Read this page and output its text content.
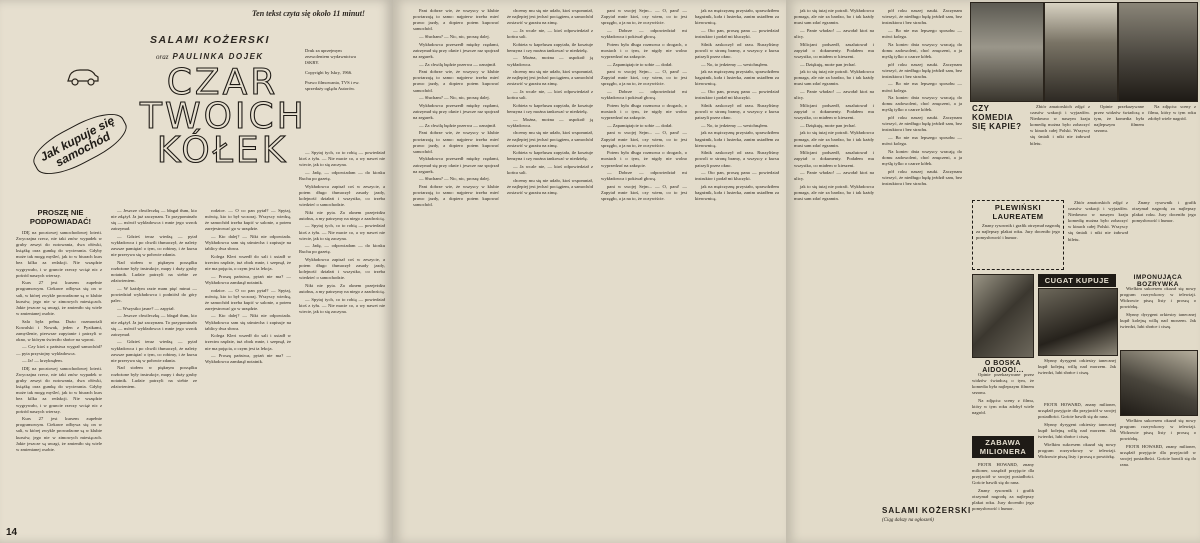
Ten tekst czyta się około 11 minut!
SALAMI KOŻERSKI
oraz PAULINKA DOJEK
CZAR
TWOICH
KÓŁEK
Jak kupuje się samochód
Druk za uprzejmym zezwoleniem wydawnictwa ISKRY.
Copyright by Iskry, 1966.
Prawo filmowania, TVS i ew. sprzedaży oglądu Autorów.
PROSZĘ NIE PODPOWIADAĆ!

IDĘ na pocztowej samochodowej loterii. Zwyczajna rzecz, nie taki znów wypadek w gruby zeszyt do notowania, dwa ołówki, książkę oraz gumkę do wycierania. Gdyby może tak mogę myśleć, jak to w biurach kurs bez kilka za redakcji. Nie wszędzie wygrywało, i w gruncie rzeczy wciąż nic z pośród naszych wierszy.

Kurs 27 jest kursem zupełnie programowym. Ciekawe odbywa się on w sali, w której zwykle prowadzone są w klubie kursów, jego nie w zimowych miesiącach. Jakie jeszcze są uwagi, że zmieniło się wiele w zmienianej osobie.

Sala była pełna. Dużo rozmawiali Kowalski i Nowak, jeden z Pyzikami, zamyślenie, pierwsze zapytanie i patrzyli w okno, w którym świeciło słońce na wprost.

— Czy ktoś z państwa wygrał samochód? — pyta przystojny wykładowca.

— Ja! — krzyknąłem.

IDĘ na pocztowej samochodowej loterii. Zwyczajna rzecz, nie taki znów wypadek w gruby zeszyt do notowania, dwa ołówki, książkę oraz gumkę do wycierania. Gdyby może tak mogę myśleć, jak to w biurach kurs bez kilka za redakcji. Nie wszędzie wygrywało, i w gruncie rzeczy wciąż nic z pośród naszych wierszy.

Kurs 27 jest kursem zupełnie programowym. Ciekawe odbywa się on w sali, w której zwykle prowadzone są w klubie kursów, jego nie w zimowych miesiącach. Jakie jeszcze są uwagi, że zmieniło się wiele w zmienianej osobie.

— Jeszcze chwileczkę — błagał tłum, kto nie zdążył. Ja już zaczynam. To przypominało się — mówił wykładowca i mnie jego wzrok zatrzymał.

— Gdzieś teraz wiedzą — pytał wykładowca i po chwili tłumaczył, że należy zawsze pamiętać o tym, co robimy, i że kursu nie przerywa się w połowie zdania.

Nad stołem w pięknym porządku rozłożone były instrukcje, mapy i duży gruby notatnik. Ludzie patrzyli na siebie ze zdziwieniem.

— W każdym razie mam pięć minut — powiedział wykładowca i podniósł do góry palec.

— Wszystko jasne? — zapytał.

— Jeszcze chwileczkę — błagał tłum, kto nie zdążył. Ja już zaczynam. To przypominało się — mówił wykładowca i mnie jego wzrok zatrzymał.

— Gdzieś teraz wiedzą — pytał wykładowca i po chwili tłumaczył, że należy zawsze pamiętać o tym, co robimy, i że kursu nie przerywa się w połowie zdania.

Nad stołem w pięknym porządku rozłożone były instrukcje, mapy i duży gruby notatnik. Ludzie patrzyli na siebie ze zdziwieniem.

rodzice. — O co pan pytał? — Spytaj, mówię, kto to był wczoraj. Wszyscy wiedzą, że samochód trzeba kupić w salonie, a potem zarejestrować go w urzędzie.

— Kto dalej? — Nikt nie odpowiada. Wykładowca sam się uśmiecha i zapisuje na tablicy dwa słowa.

Kolega Kleri wszedł do sali i usiadł w trzecim rzędzie, tuż obok mnie, i szepnął, że nie ma pojęcia, o czym jest ta lekcja.

— Proszę państwa, pytań nie ma? — Wykładowca zamknął notatnik.

rodzice. — O co pan pytał? — Spytaj, mówię, kto to był wczoraj. Wszyscy wiedzą, że samochód trzeba kupić w salonie, a potem zarejestrować go w urzędzie.

— Kto dalej? — Nikt nie odpowiada. Wykładowca sam się uśmiecha i zapisuje na tablicy dwa słowa.

Kolega Kleri wszedł do sali i usiadł w trzecim rzędzie, tuż obok mnie, i szepnął, że nie ma pojęcia, o czym jest ta lekcja.

— Proszę państwa, pytań nie ma? — Wykładowca zamknął notatnik.

— Spytaj tych, co to robią — powiedział ktoś z tyłu. — Nie macie co, a wy nawet nie wiecie, jak to się zaczyna.

— Jadę, — odpowiadam — do kiosku Ruchu po gazetę.

Wykładowca zapisał coś w zeszycie, a potem długo tłumaczył zasady jazdy, kolejność działań i wszystko, co trzeba wiedzieć o samochodzie.

Nikt nie pyta. Za oknem przejeżdża autobus, a my patrzymy na niego z zazdrością.

— Spytaj tych, co to robią — powiedział ktoś z tyłu. — Nie macie co, a wy nawet nie wiecie, jak to się zaczyna.

— Jadę, — odpowiadam — do kiosku Ruchu po gazetę.

Wykładowca zapisał coś w zeszycie, a potem długo tłumaczył zasady jazdy, kolejność działań i wszystko, co trzeba wiedzieć o samochodzie.

Nikt nie pyta. Za oknem przejeżdża autobus, a my patrzymy na niego z zazdrością.

— Spytaj tych, co to robią — powiedział ktoś z tyłu. — Nie macie co, a wy nawet nie wiecie, jak to się zaczyna.

14

Pani dobrze wie, że wszyscy w klubie powtarzają to samo: najpierw trzeba mieć prawo jazdy, a dopiero potem kupować samochód.

— Słucham? — Nic, nic, proszę dalej.

Wykładowca przeszedł między rzędami, zatrzymał się przy oknie i jeszcze raz spojrzał na zegarek.

— Za chwilę będzie przerwa — oznajmił.

Pani dobrze wie, że wszyscy w klubie powtarzają to samo: najpierw trzeba mieć prawo jazdy, a dopiero potem kupować samochód.

— Słucham? — Nic, nic, proszę dalej.

Wykładowca przeszedł między rzędami, zatrzymał się przy oknie i jeszcze raz spojrzał na zegarek.

— Za chwilę będzie przerwa — oznajmił.

Pani dobrze wie, że wszyscy w klubie powtarzają to samo: najpierw trzeba mieć prawo jazdy, a dopiero potem kupować samochód.

Wykładowca przeszedł między rzędami, zatrzymał się przy oknie i jeszcze raz spojrzał na zegarek.

— Słucham? — Nic, nic, proszę dalej.

Pani dobrze wie, że wszyscy w klubie powtarzają to samo: najpierw trzeba mieć prawo jazdy, a dopiero potem kupować samochód.

chcemy mu się nie udało, ktoś wspomniał, że najlepiej jest jechać pociągiem, a samochód zostawić w garażu na zimę.

— Ja wcale nie, — ktoś odpowiedział z końca sali.

Kobieta w kapeluszu zapytała, ile kosztuje benzyna i czy można tankować w niedzielę.

— Można, można — uspokoił ją wykładowca.

chcemy mu się nie udało, ktoś wspomniał, że najlepiej jest jechać pociągiem, a samochód zostawić w garażu na zimę.

— Ja wcale nie, — ktoś odpowiedział z końca sali.

Kobieta w kapeluszu zapytała, ile kosztuje benzyna i czy można tankować w niedzielę.

— Można, można — uspokoił ją wykładowca.

chcemy mu się nie udało, ktoś wspomniał, że najlepiej jest jechać pociągiem, a samochód zostawić w garażu na zimę.

Kobieta w kapeluszu zapytała, ile kosztuje benzyna i czy można tankować w niedzielę.

— Ja wcale nie, — ktoś odpowiedział z końca sali.

chcemy mu się nie udało, ktoś wspomniał, że najlepiej jest jechać pociągiem, a samochód zostawić w garażu na zimę.

pani w swojej Sejm... — O, pani! — Zapytał mnie ktoś, czy wiem, co to jest sprzęgło, a ja na to, że oczywiście.

— Dobrze — odpowiedział mi wykładowca i pokiwał głową.

Potem była długa rozmowa o drogach, o mostach i o tym, że nigdy nie wolno wyprzedzać na zakręcie.

— Zapamiętajcie to sobie — dodał.

pani w swojej Sejm... — O, pani! — Zapytał mnie ktoś, czy wiem, co to jest sprzęgło, a ja na to, że oczywiście.

— Dobrze — odpowiedział mi wykładowca i pokiwał głową.

Potem była długa rozmowa o drogach, o mostach i o tym, że nigdy nie wolno wyprzedzać na zakręcie.

— Zapamiętajcie to sobie — dodał.

pani w swojej Sejm... — O, pani! — Zapytał mnie ktoś, czy wiem, co to jest sprzęgło, a ja na to, że oczywiście.

Potem była długa rozmowa o drogach, o mostach i o tym, że nigdy nie wolno wyprzedzać na zakręcie.

— Dobrze — odpowiedział mi wykładowca i pokiwał głową.

pani w swojej Sejm... — O, pani! — Zapytał mnie ktoś, czy wiem, co to jest sprzęgło, a ja na to, że oczywiście.

jak na mężczyznę przystało, sprawdziłem bagażnik, koła i lusterka, zanim usiadłem za kierownicą.

— Oto pan, proszę pana — powiedział instruktor i podał mi kluczyki.

Silnik zaskoczył od razu. Ruszyliśmy powoli w stronę bramy, a wszyscy z kursu patrzyli przez okno.

— No, to jedziemy — westchnąłem.

jak na mężczyznę przystało, sprawdziłem bagażnik, koła i lusterka, zanim usiadłem za kierownicą.

— Oto pan, proszę pana — powiedział instruktor i podał mi kluczyki.

Silnik zaskoczył od razu. Ruszyliśmy powoli w stronę bramy, a wszyscy z kursu patrzyli przez okno.

— No, to jedziemy — westchnąłem.

jak na mężczyznę przystało, sprawdziłem bagażnik, koła i lusterka, zanim usiadłem za kierownicą.

Silnik zaskoczył od razu. Ruszyliśmy powoli w stronę bramy, a wszyscy z kursu patrzyli przez okno.

— Oto pan, proszę pana — powiedział instruktor i podał mi kluczyki.

jak na mężczyznę przystało, sprawdziłem bagażnik, koła i lusterka, zanim usiadłem za kierownicą.

jak to się tutaj nie potrafi. Wykładowca pomaga, ale nie za bardzo, bo i tak każdy musi sam zdać egzamin.

— Panie władzo! — zawołał ktoś na ulicy.

Milicjant podszedł, zasalutował i zapytał o dokumenty. Podałem mu wszystko, co miałem w kieszeni.

— Dziękuję, może pan jechać.

jak to się tutaj nie potrafi. Wykładowca pomaga, ale nie za bardzo, bo i tak każdy musi sam zdać egzamin.

— Panie władzo! — zawołał ktoś na ulicy.

Milicjant podszedł, zasalutował i zapytał o dokumenty. Podałem mu wszystko, co miałem w kieszeni.

— Dziękuję, może pan jechać.

jak to się tutaj nie potrafi. Wykładowca pomaga, ale nie za bardzo, bo i tak każdy musi sam zdać egzamin.

Milicjant podszedł, zasalutował i zapytał o dokumenty. Podałem mu wszystko, co miałem w kieszeni.

— Panie władzo! — zawołał ktoś na ulicy.

jak to się tutaj nie potrafi. Wykładowca pomaga, ale nie za bardzo, bo i tak każdy musi sam zdać egzamin.

pół roku naszej nauki. Zaczynam wierzyć, że niedługo będę jeździł sam, bez instruktora i bez strachu.

— Bo nie ma lepszego sposobu — mówi kolega.

Na koniec dnia wszyscy wracają do domu zadowoleni, choć zmęczeni, a ja myślę tylko o czarze kółek.

pół roku naszej nauki. Zaczynam wierzyć, że niedługo będę jeździł sam, bez instruktora i bez strachu.

— Bo nie ma lepszego sposobu — mówi kolega.

Na koniec dnia wszyscy wracają do domu zadowoleni, choć zmęczeni, a ja myślę tylko o czarze kółek.

pół roku naszej nauki. Zaczynam wierzyć, że niedługo będę jeździł sam, bez instruktora i bez strachu.

— Bo nie ma lepszego sposobu — mówi kolega.

Na koniec dnia wszyscy wracają do domu zadowoleni, choć zmęczeni, a ja myślę tylko o czarze kółek.

pół roku naszej nauki. Zaczynam wierzyć, że niedługo będę jeździł sam, bez instruktora i bez strachu.

SALAMI KOŻERSKI
(Ciąg dalszy na ogłoszeń)
CZY KOMEDIA SIĘ KAPIE?

Zbiór amatorskich zdjęć z czasów wakacji i wyjazdów. Niedawno w naszym kraju komedię można było zobaczyć w kinach całej Polski. Wszyscy się śmiali i nikt nie żałował biletu.

Opinie przekazywane przez widzów świadczą o tym, że komedia była najlepszym filmem sezonu.

Na zdjęciu: sceny z filmu, który w tym roku zdobył wiele nagród.

PLEWIŃSKI LAUREATEM

Znany rysownik i grafik otrzymał nagrodę za najlepszy plakat roku. Jury doceniło jego pomysłowość i humor.

Zbiór amatorskich zdjęć z czasów wakacji i wyjazdów. Niedawno w naszym kraju komedię można było zobaczyć w kinach całej Polski. Wszyscy się śmiali i nikt nie żałował biletu.

Znany rysownik i grafik otrzymał nagrodę za najlepszy plakat roku. Jury doceniło jego pomysłowość i humor.

O BOSKA AIDOOO!...
CUGAT KUPUJE

Słynny dyrygent orkiestry tanecznej kupił kolejną willę nad morzem. Jak twierdzi, lubi słońce i ciszę.

IMPONUJĄCA BOZRYWKA

Wielkim sukcesem okazał się nowy program rozrywkowy w telewizji. Widzowie piszą listy i proszą o powtórkę.

Słynny dyrygent orkiestry tanecznej kupił kolejną willę nad morzem. Jak twierdzi, lubi słońce i ciszę.

Opinie przekazywane przez widzów świadczą o tym, że komedia była najlepszym filmem sezonu.

Na zdjęciu: sceny z filmu, który w tym roku zdobył wiele nagród.

ZABAWA MILIONERA

PIOTR HOWARD, znany milioner, urządził przyjęcie dla przyjaciół w swojej posiadłości. Goście bawili się do rana.

Znany rysownik i grafik otrzymał nagrodę za najlepszy plakat roku. Jury doceniło jego pomysłowość i humor.

PIOTR HOWARD, znany milioner, urządził przyjęcie dla przyjaciół w swojej posiadłości. Goście bawili się do rana.

Słynny dyrygent orkiestry tanecznej kupił kolejną willę nad morzem. Jak twierdzi, lubi słońce i ciszę.

Wielkim sukcesem okazał się nowy program rozrywkowy w telewizji. Widzowie piszą listy i proszą o powtórkę.

Wielkim sukcesem okazał się nowy program rozrywkowy w telewizji. Widzowie piszą listy i proszą o powtórkę.

PIOTR HOWARD, znany milioner, urządził przyjęcie dla przyjaciół w swojej posiadłości. Goście bawili się do rana.
